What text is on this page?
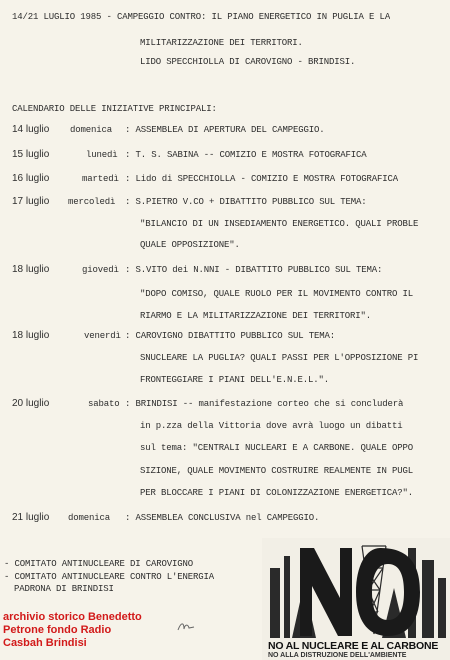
14/21 LUGLIO 1985 - CAMPEGGIO CONTRO: IL PIANO ENERGETICO IN PUGLIA E LA
MILITARIZZAZIONE DEI TERRITORI.
LIDO SPECCHIOLLA DI CAROVIGNO - BRINDISI.
CALENDARIO DELLE INIZIATIVE PRINCIPALI:
14 luglio domenica : ASSEMBLEA DI APERTURA DEL CAMPEGGIO.
15 luglio	lunedì : T. S. SABINA -- COMIZIO E MOSTRA FOTOGRAFICA
16 luglio	martedì : Lido di SPECCHIOLLA - COMIZIO E MOSTRA FOTOGRAFICA
17 luglio mercoledì : S.PIETRO V.CO + DIBATTITO PUBBLICO SUL TEMA:
"BILANCIO DI UN INSEDIAMENTO ENERGETICO. QUALI PROBLE
QUALE OPPOSIZIONE".
18 luglio	giovedì : S.VITO dei N.NNI - DIBATTITO PUBBLICO SUL TEMA:
"DOPO COMISO, QUALE RUOLO PER IL MOVIMENTO CONTRO IL
RIARMO E LA MILITARIZZAZIONE DEI TERRITORI".
18 luglio	venerdì : CAROVIGNO DIBATTITO PUBBLICO SUL TEMA:
SNUCLEARE LA PUGLIA? QUALI PASSI PER L'OPPOSIZIONE PI
FRONTEGGIARE I PIANI DELL'E.N.E.L.".
20 luglio	sabato : BRINDISI -- manifestazione corteo che si concluderà
in p.zza della Vittoria dove avrà luogo un dibatti
sul tema: "CENTRALI NUCLEARI E A CARBONE. QUALE OPPO
SIZIONE, QUALE MOVIMENTO COSTRUIRE REALMENTE IN PUGL
PER BLOCCARE I PIANI DI COLONIZZAZIONE ENERGETICA?".
21 luglio domenica : ASSEMBLEA CONCLUSIVA nel CAMPEGGIO.
- COMITATO ANTINUCLEARE DI CAROVIGNO
- COMITATO ANTINUCLEARE CONTRO L'ENERGIA
PADRONA DI BRINDISI
archivio storico Benedetto
Petrone fondo Radio
Casbah Brindisi	NO AL NUCLEARE E AL CARBONE
NO ALLA DISTRUZIONE DELL'AMBIENTE
